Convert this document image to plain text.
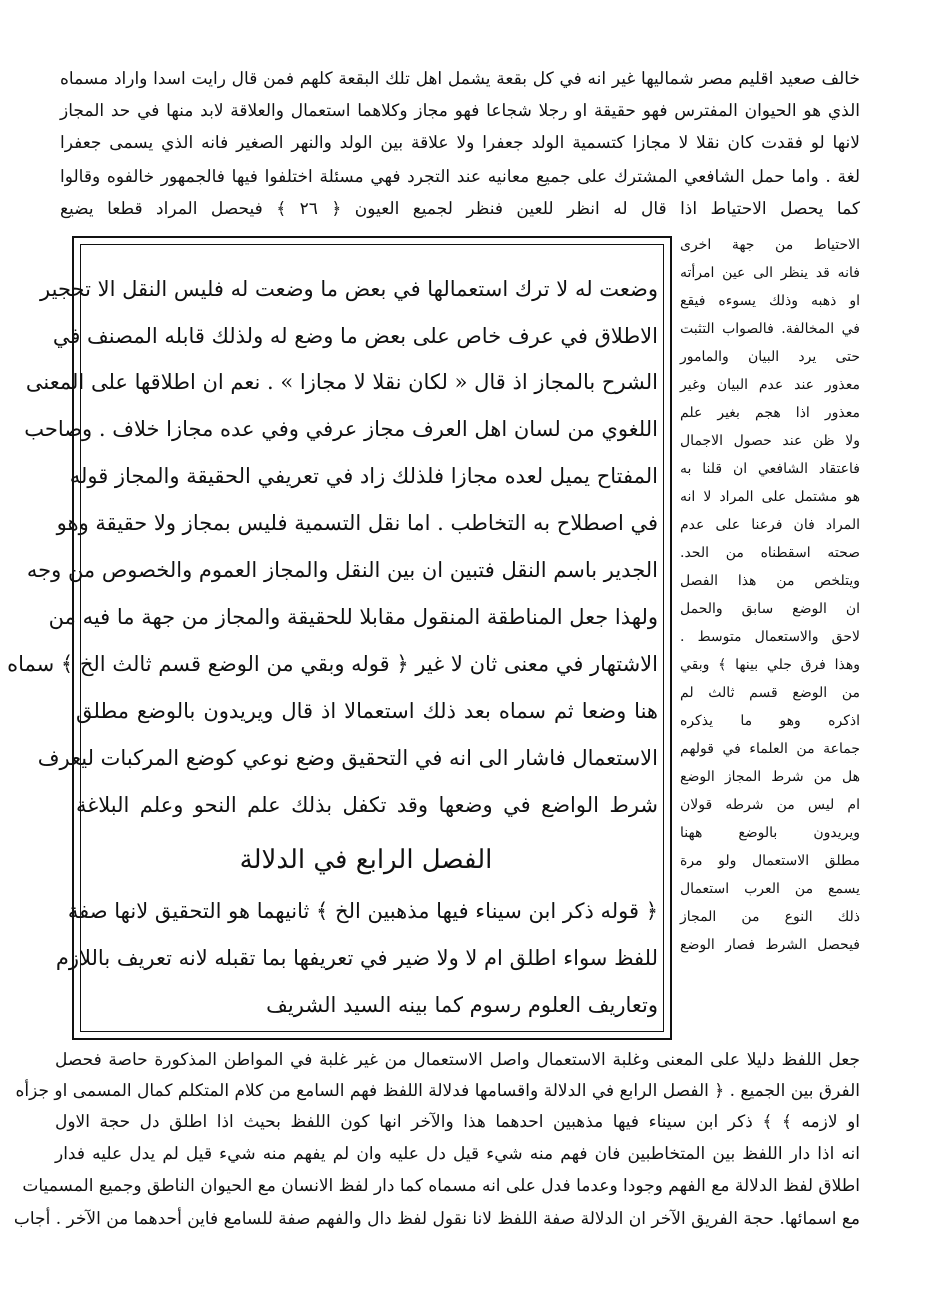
خالف صعيد اقليم مصر شماليها غير انه في كل بقعة يشمل اهل تلك البقعة كلهم فمن قال رايت اسدا واراد مسماه
الذي هو الحيوان المفترس فهو حقيقة او رجلا شجاعا فهو مجاز وكلاهما استعمال والعلاقة لابد منها في حد المجاز
لانها لو فقدت كان نقلا لا مجازا كتسمية الولد جعفرا ولا علاقة بين الولد والنهر الصغير فانه الذي يسمى جعفرا
لغة . واما حمل الشافعي المشترك على جميع معانيه عند التجرد فهي مسئلة اختلفوا فيها فالجمهور خالفوه وقالوا
كما يحصل الاحتياط اذا قال له انظر للعين فنظر لجميع العيون ﴿ ٢٦ ﴾ فيحصل المراد قطعا يضيع
الاحتياط من جهة اخرى
فانه قد ينظر الى عين امرأته
او ذهبه وذلك يسوءه فيقع
في المخالفة. فالصواب التثبت
حتى يرد البيان والمامور
معذور عند عدم البيان وغير
معذور اذا هجم بغير علم
ولا ظن عند حصول الاجمال
فاعتقاد الشافعي ان قلنا به
هو مشتمل على المراد لا انه
المراد فان فرعنا على عدم
صحته اسقطناه من الحد.
ويتلخص من هذا الفصل
ان الوضع سابق والحمل
لاحق والاستعمال متوسط .
وهذا فرق جلي بينها ﴾ وبقي
من الوضع قسم ثالث لم
اذكره وهو ما يذكره
جماعة من العلماء في قولهم
هل من شرط المجاز الوضع
ام ليس من شرطه قولان
ويريدون بالوضع ههنا
مطلق الاستعمال ولو مرة
يسمع من العرب استعمال
ذلك النوع من المجاز
فيحصل الشرط فصار الوضع
وضعت له لا ترك استعمالها في بعض ما وضعت له فليس النقل الا تحجير
الاطلاق في عرف خاص على بعض ما وضع له ولذلك قابله المصنف في
الشرح بالمجاز اذ قال « لكان نقلا لا مجازا » . نعم ان اطلاقها على المعنى
اللغوي من لسان اهل العرف مجاز عرفي وفي عده مجازا خلاف . وصاحب
المفتاح يميل لعده مجازا فلذلك زاد في تعريفي الحقيقة والمجاز قوله
في اصطلاح به التخاطب . اما نقل التسمية فليس بمجاز ولا حقيقة وهو
الجدير باسم النقل فتبين ان بين النقل والمجاز العموم والخصوص من وجه
ولهذا جعل المناطقة المنقول مقابلا للحقيقة والمجاز من جهة ما فيه من
الاشتهار في معنى ثان لا غير ﴿ قوله وبقي من الوضع قسم ثالث الخ ﴾ سماه
هنا وضعا ثم سماه بعد ذلك استعمالا اذ قال ويريدون بالوضع مطلق
الاستعمال فاشار الى انه في التحقيق وضع نوعي كوضع المركبات ليعرف
شرط الواضع في وضعها وقد تكفل بذلك علم النحو وعلم البلاغة
الفصل الرابع في الدلالة
﴿ قوله ذكر ابن سيناء فيها مذهبين الخ ﴾ ثانيهما هو التحقيق لانها صفة
للفظ سواء اطلق ام لا ولا ضير في تعريفها بما تقبله لانه تعريف باللازم
وتعاريف العلوم رسوم كما بينه السيد الشريف
جعل اللفظ دليلا على المعنى وغلبة الاستعمال واصل الاستعمال من غير غلبة في المواطن المذكورة حاصة فحصل
الفرق بين الجميع . ﴿ الفصل الرابع في الدلالة واقسامها فدلالة اللفظ فهم السامع من كلام المتكلم كمال المسمى او جزأه
او لازمه ﴾ ﴾ ذكر ابن سيناء فيها مذهبين احدهما هذا والآخر انها كون اللفظ بحيث اذا اطلق دل حجة الاول
انه اذا دار اللفظ بين المتخاطبين فان فهم منه شيء قيل دل عليه وان لم يفهم منه شيء قيل لم يدل عليه فدار
اطلاق لفظ الدلالة مع الفهم وجودا وعدما فدل على انه مسماه كما دار لفظ الانسان مع الحيوان الناطق وجميع المسميات
مع اسمائها. حجة الفريق الآخر ان الدلالة صفة اللفظ لانا نقول لفظ دال والفهم صفة للسامع فاين أحدهما من الآخر . أجاب
